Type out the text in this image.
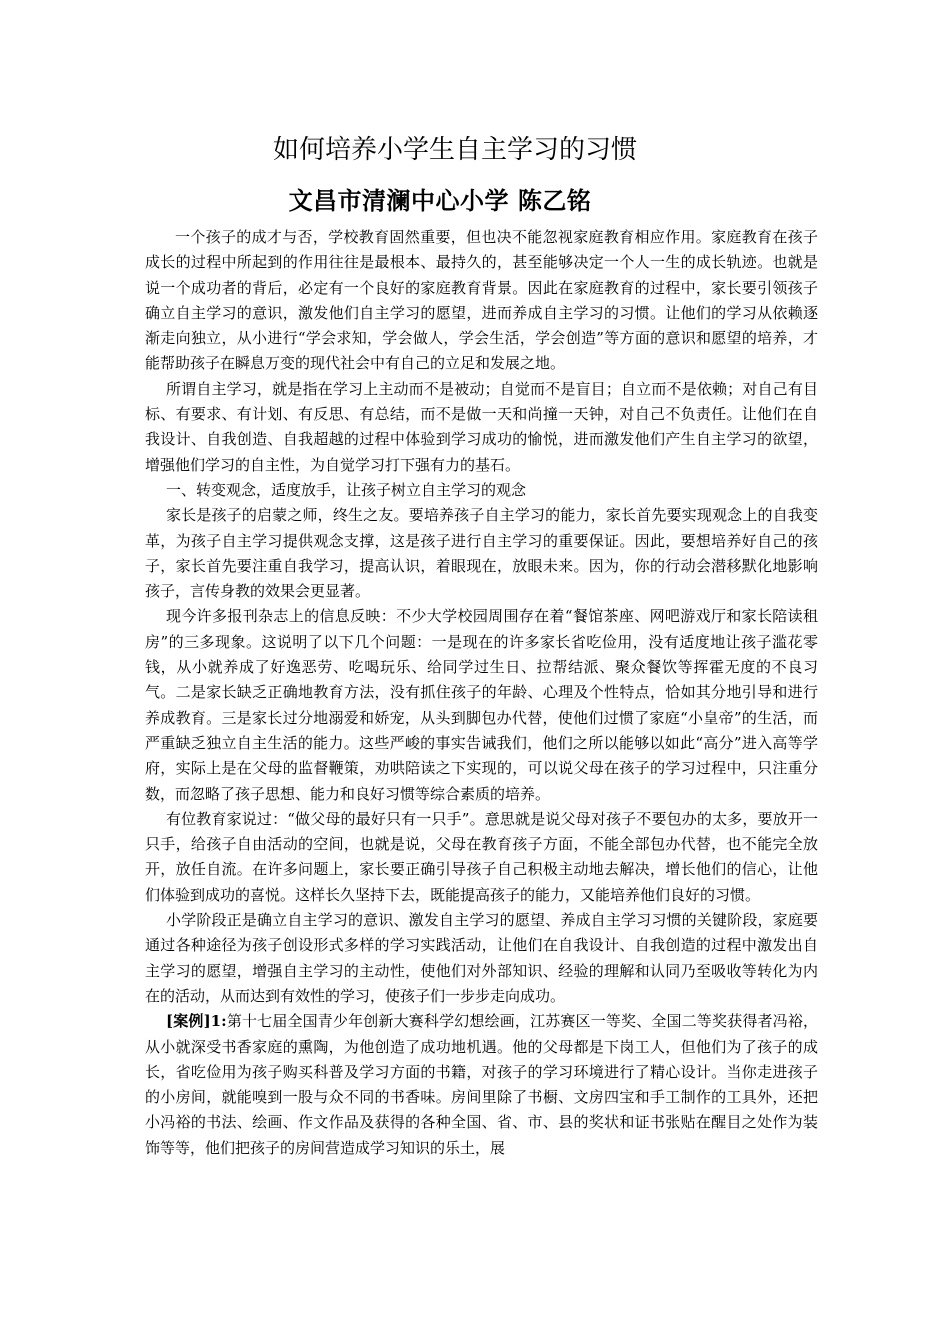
如何培养小学生自主学习的习惯
文昌市清澜中心小学 陈乙铭

一个孩子的成才与否，学校教育固然重要，但也决不能忽视家庭教育相应作用。家庭教育在孩子成长的过程中所起到的作用往往是最根本、最持久的，甚至能够决定一个人一生的成长轨迹。也就是说一个成功者的背后，必定有一个良好的家庭教育背景。因此在家庭教育的过程中，家长要引领孩子确立自主学习的意识，激发他们自主学习的愿望，进而养成自主学习的习惯。让他们的学习从依赖逐渐走向独立，从小进行“学会求知，学会做人，学会生活，学会创造”等方面的意识和愿望的培养，才能帮助孩子在瞬息万变的现代社会中有自己的立足和发展之地。

所谓自主学习，就是指在学习上主动而不是被动；自觉而不是盲目；自立而不是依赖；对自己有目标、有要求、有计划、有反思、有总结，而不是做一天和尚撞一天钟，对自己不负责任。让他们在自我设计、自我创造、自我超越的过程中体验到学习成功的愉悦，进而激发他们产生自主学习的欲望，增强他们学习的自主性，为自觉学习打下强有力的基石。

一、转变观念，适度放手，让孩子树立自主学习的观念

家长是孩子的启蒙之师，终生之友。要培养孩子自主学习的能力，家长首先要实现观念上的自我变革，为孩子自主学习提供观念支撑，这是孩子进行自主学习的重要保证。因此，要想培养好自己的孩子，家长首先要注重自我学习，提高认识，着眼现在，放眼未来。因为，你的行动会潜移默化地影响孩子，言传身教的效果会更显著。

现今许多报刊杂志上的信息反映：不少大学校园周围存在着“餐馆茶座、网吧游戏厅和家长陪读租房”的三多现象。这说明了以下几个问题：一是现在的许多家长省吃俭用，没有适度地让孩子滥花零钱，从小就养成了好逸恶劳、吃喝玩乐、给同学过生日、拉帮结派、聚众餐饮等挥霍无度的不良习气。二是家长缺乏正确地教育方法，没有抓住孩子的年龄、心理及个性特点，恰如其分地引导和进行养成教育。三是家长过分地溺爱和娇宠，从头到脚包办代替，使他们过惯了家庭“小皇帝”的生活，而严重缺乏独立自主生活的能力。这些严峻的事实告诫我们，他们之所以能够以如此“高分”进入高等学府，实际上是在父母的监督鞭策，劝哄陪读之下实现的，可以说父母在孩子的学习过程中，只注重分数，而忽略了孩子思想、能力和良好习惯等综合素质的培养。

有位教育家说过：“做父母的最好只有一只手”。意思就是说父母对孩子不要包办的太多，要放开一只手，给孩子自由活动的空间，也就是说，父母在教育孩子方面，不能全部包办代替，也不能完全放开，放任自流。在许多问题上，家长要正确引导孩子自己积极主动地去解决，增长他们的信心，让他们体验到成功的喜悦。这样长久坚持下去，既能提高孩子的能力，又能培养他们良好的习惯。

小学阶段正是确立自主学习的意识、激发自主学习的愿望、养成自主学习习惯的关键阶段，家庭要通过各种途径为孩子创设形式多样的学习实践活动，让他们在自我设计、自我创造的过程中激发出自主学习的愿望，增强自主学习的主动性，使他们对外部知识、经验的理解和认同乃至吸收等转化为内在的活动，从而达到有效性的学习，使孩子们一步步走向成功。

[案例]1:第十七届全国青少年创新大赛科学幻想绘画，江苏赛区一等奖、全国二等奖获得者冯裕，从小就深受书香家庭的熏陶，为他创造了成功地机遇。他的父母都是下岗工人，但他们为了孩子的成长，省吃俭用为孩子购买科普及学习方面的书籍，对孩子的学习环境进行了精心设计。当你走进孩子的小房间，就能嗅到一股与众不同的书香味。房间里除了书橱、文房四宝和手工制作的工具外，还把小冯裕的书法、绘画、作文作品及获得的各种全国、省、市、县的奖状和证书张贴在醒目之处作为装饰等等，他们把孩子的房间营造成学习知识的乐土，展
